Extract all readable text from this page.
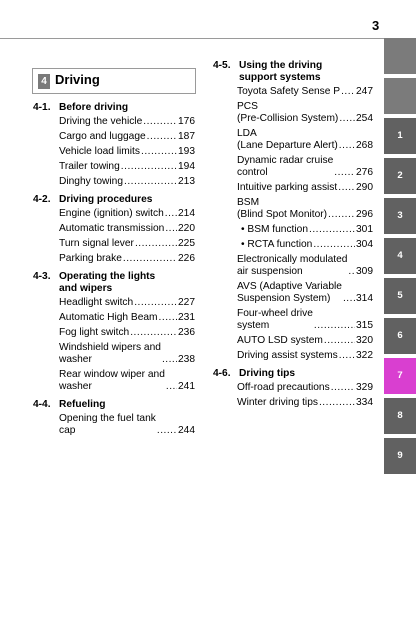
3
4 Driving
4-1. Before driving
Driving the vehicle .....	176
Cargo and luggage .....	187
Vehicle load limits .....	193
Trailer towing .....	194
Dinghy towing .....	213
4-2. Driving procedures
Engine (ignition) switch ..... 214
Automatic transmission ..... 220
Turn signal lever .....	225
Parking brake .....	226
4-3. Operating the lights
and wipers
Headlight switch .....	227
Automatic High Beam ..... 231
Fog light switch .....	236
Windshield wipers and
washer .....	238
Rear window wiper and
washer .....	241
4-4. Refueling
Opening the fuel tank
cap .....	244
4-5. Using the driving
support systems
Toyota Safety Sense P ..... 247
PCS
(Pre-Collision System) ..... 254
LDA
(Lane Departure Alert) ..... 268
Dynamic radar cruise
control .....	276
Intuitive parking assist ..... 290
BSM
(Blind Spot Monitor) .....	296
• BSM function .....	301
• RCTA function .....	304
Electronically modulated
air suspension .....	309
AVS (Adaptive Variable
Suspension System) .....	314
Four-wheel drive
system .....	315
AUTO LSD system .....	320
Driving assist systems ..... 322
4-6. Driving tips
Off-road precautions .....	329
Winter driving tips .....	334
1
2
3
4
5
6
7
8
9
